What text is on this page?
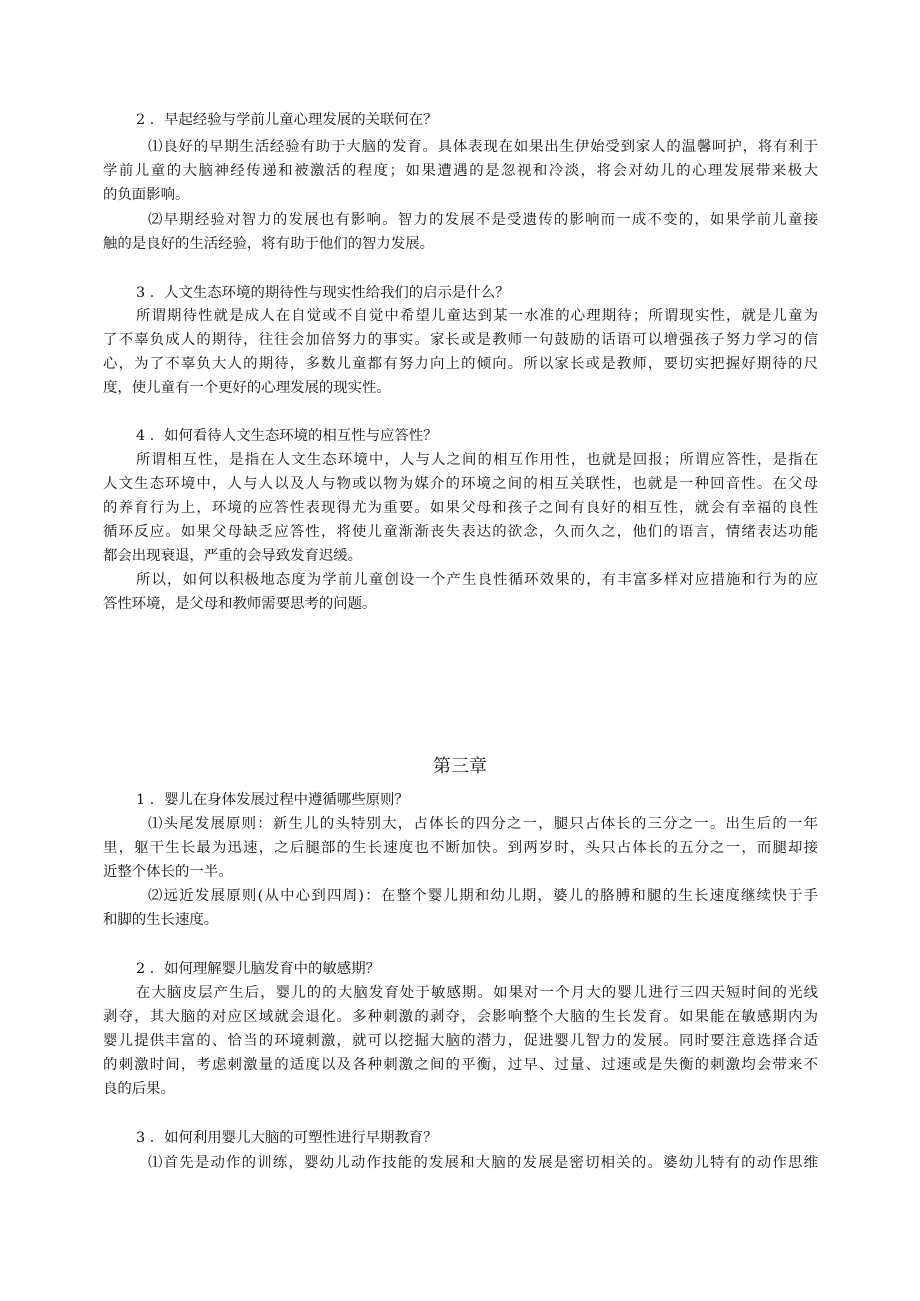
2 ．早起经验与学前儿童心理发展的关联何在？
⑴良好的早期生活经验有助于大脑的发育。具体表现在如果出生伊始受到家人的温馨呵护，将有利于
学前儿童的大脑神经传递和被激活的程度；如果遭遇的是忽视和冷淡，将会对幼儿的心理发展带来极大
的负面影响。
⑵早期经验对智力的发展也有影响。智力的发展不是受遗传的影响而一成不变的，如果学前儿童接
触的是良好的生活经验，将有助于他们的智力发展。
3 ．人文生态环境的期待性与现实性给我们的启示是什么？
所谓期待性就是成人在自觉或不自觉中希望儿童达到某一水准的心理期待；所谓现实性，就是儿童为
了不辜负成人的期待，往往会加倍努力的事实。家长或是教师一句鼓励的话语可以增强孩子努力学习的信
心，为了不辜负大人的期待，多数儿童都有努力向上的倾向。所以家长或是教师，要切实把握好期待的尺
度，使儿童有一个更好的心理发展的现实性。
4 ．如何看待人文生态环境的相互性与应答性？
所谓相互性，是指在人文生态环境中，人与人之间的相互作用性，也就是回报；所谓应答性，是指在
人文生态环境中，人与人以及人与物或以物为媒介的环境之间的相互关联性，也就是一种回音性。在父母
的养育行为上，环境的应答性表现得尤为重要。如果父母和孩子之间有良好的相互性，就会有幸福的良性
循环反应。如果父母缺乏应答性，将使儿童渐渐丧失表达的欲念，久而久之，他们的语言，情绪表达功能
都会出现衰退，严重的会导致发育迟缓。
所以，如何以积极地态度为学前儿童创设一个产生良性循环效果的，有丰富多样对应措施和行为的应
答性环境，是父母和教师需要思考的问题。
第三章
1 ．婴儿在身体发展过程中遵循哪些原则？
⑴头尾发展原则：新生儿的头特别大，占体长的四分之一，腿只占体长的三分之一。出生后的一年
里，躯干生长最为迅速，之后腿部的生长速度也不断加快。到两岁时，头只占体长的五分之一，而腿却接
近整个体长的一半。
⑵远近发展原则(从中心到四周)：在整个婴儿期和幼儿期，婆儿的胳膊和腿的生长速度继续快于手
和脚的生长速度。
2 ．如何理解婴儿脑发育中的敏感期？
在大脑皮层产生后，婴儿的的大脑发育处于敏感期。如果对一个月大的婴儿进行三四天短时间的光线
剥夺，其大脑的对应区域就会退化。多种刺激的剥夺，会影响整个大脑的生长发育。如果能在敏感期内为
婴儿提供丰富的、恰当的环境刺激，就可以挖掘大脑的潜力，促进婴儿智力的发展。同时要注意选择合适
的刺激时间，考虑刺激量的适度以及各种刺激之间的平衡，过早、过量、过速或是失衡的刺激均会带来不
良的后果。
3 ．如何利用婴儿大脑的可塑性进行早期教育？
⑴首先是动作的训练，婴幼儿动作技能的发展和大脑的发展是密切相关的。婆幼儿特有的动作思维
